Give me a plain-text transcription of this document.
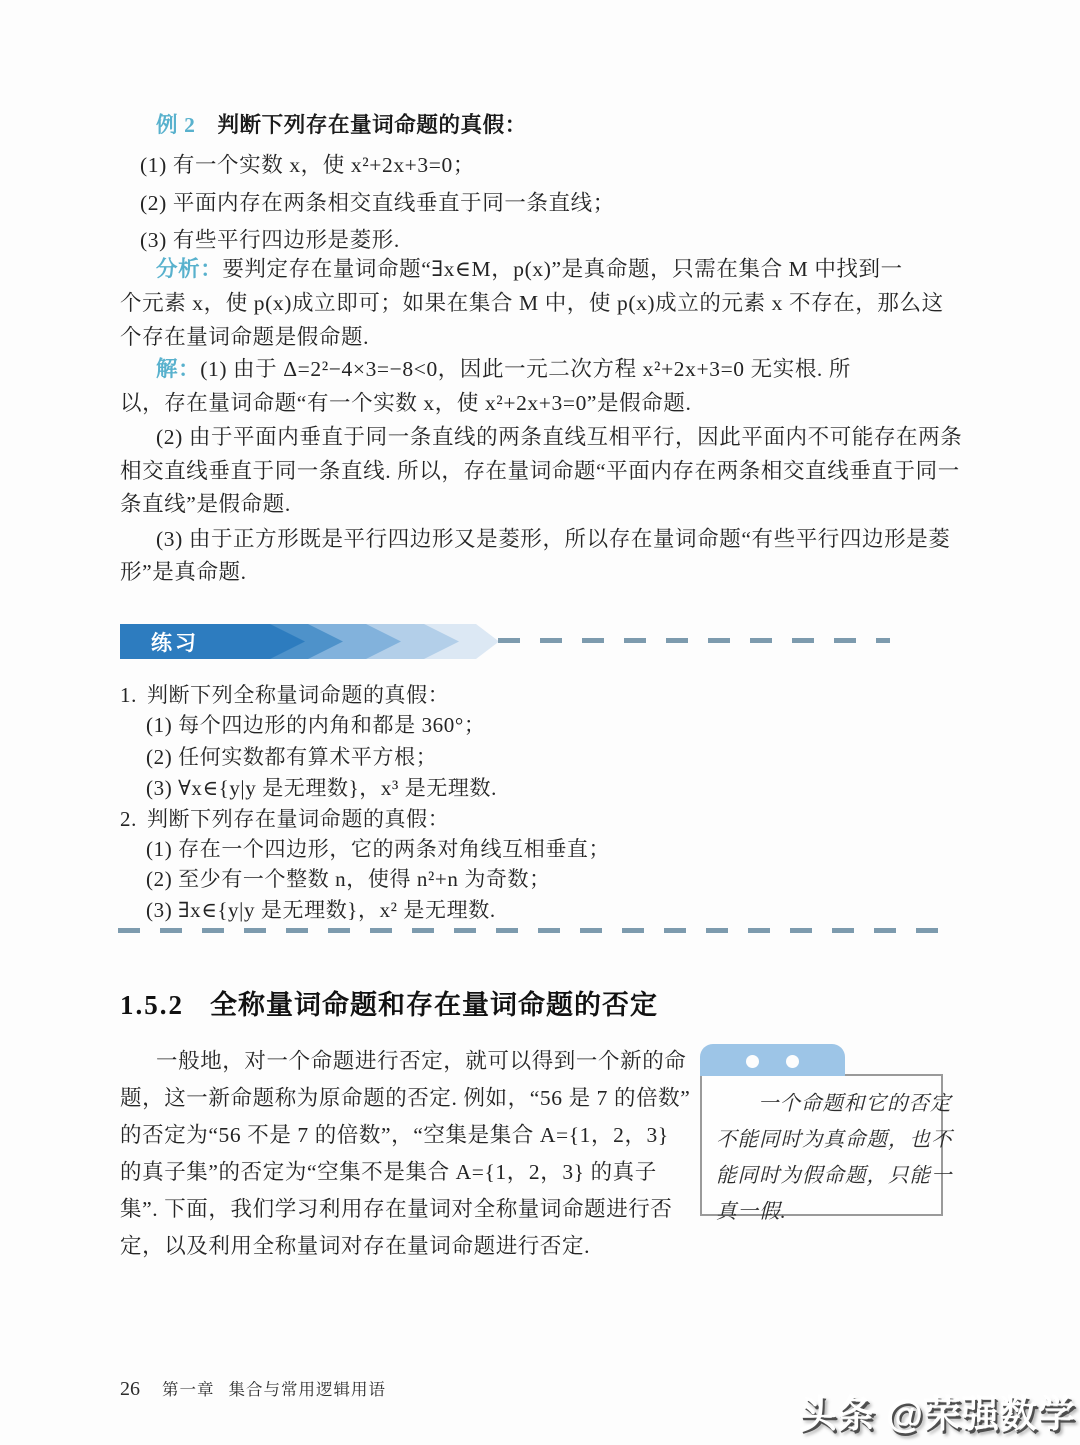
例 2 判断下列存在量词命题的真假：
(1) 有一个实数 x，使 x²+2x+3=0；
(2) 平面内存在两条相交直线垂直于同一条直线；
(3) 有些平行四边形是菱形.
分析：要判定存在量词命题“∃x∈M，p(x)”是真命题，只需在集合 M 中找到一
个元素 x，使 p(x)成立即可；如果在集合 M 中，使 p(x)成立的元素 x 不存在，那么这
个存在量词命题是假命题.
解：(1) 由于 Δ=2²−4×3=−8<0，因此一元二次方程 x²+2x+3=0 无实根. 所
以，存在量词命题“有一个实数 x，使 x²+2x+3=0”是假命题.
(2) 由于平面内垂直于同一条直线的两条直线互相平行，因此平面内不可能存在两条
相交直线垂直于同一条直线. 所以，存在量词命题“平面内存在两条相交直线垂直于同一
条直线”是假命题.
(3) 由于正方形既是平行四边形又是菱形，所以存在量词命题“有些平行四边形是菱
形”是真命题.
练习
1. 判断下列全称量词命题的真假：
(1) 每个四边形的内角和都是 360°；
(2) 任何实数都有算术平方根；
(3) ∀x∈{y|y 是无理数}，x³ 是无理数.
2. 判断下列存在量词命题的真假：
(1) 存在一个四边形，它的两条对角线互相垂直；
(2) 至少有一个整数 n，使得 n²+n 为奇数；
(3) ∃x∈{y|y 是无理数}，x² 是无理数.
1.5.2 全称量词命题和存在量词命题的否定
一般地，对一个命题进行否定，就可以得到一个新的命
题，这一新命题称为原命题的否定. 例如，“56 是 7 的倍数”
的否定为“56 不是 7 的倍数”，“空集是集合 A={1，2，3}
的真子集”的否定为“空集不是集合 A={1，2，3} 的真子
集”. 下面，我们学习利用存在量词对全称量词命题进行否
定，以及利用全称量词对存在量词命题进行否定.
一个命题和它的否定
不能同时为真命题，也不
能同时为假命题，只能一
真一假.
26 第一章 集合与常用逻辑用语
头条 @荣强数学
